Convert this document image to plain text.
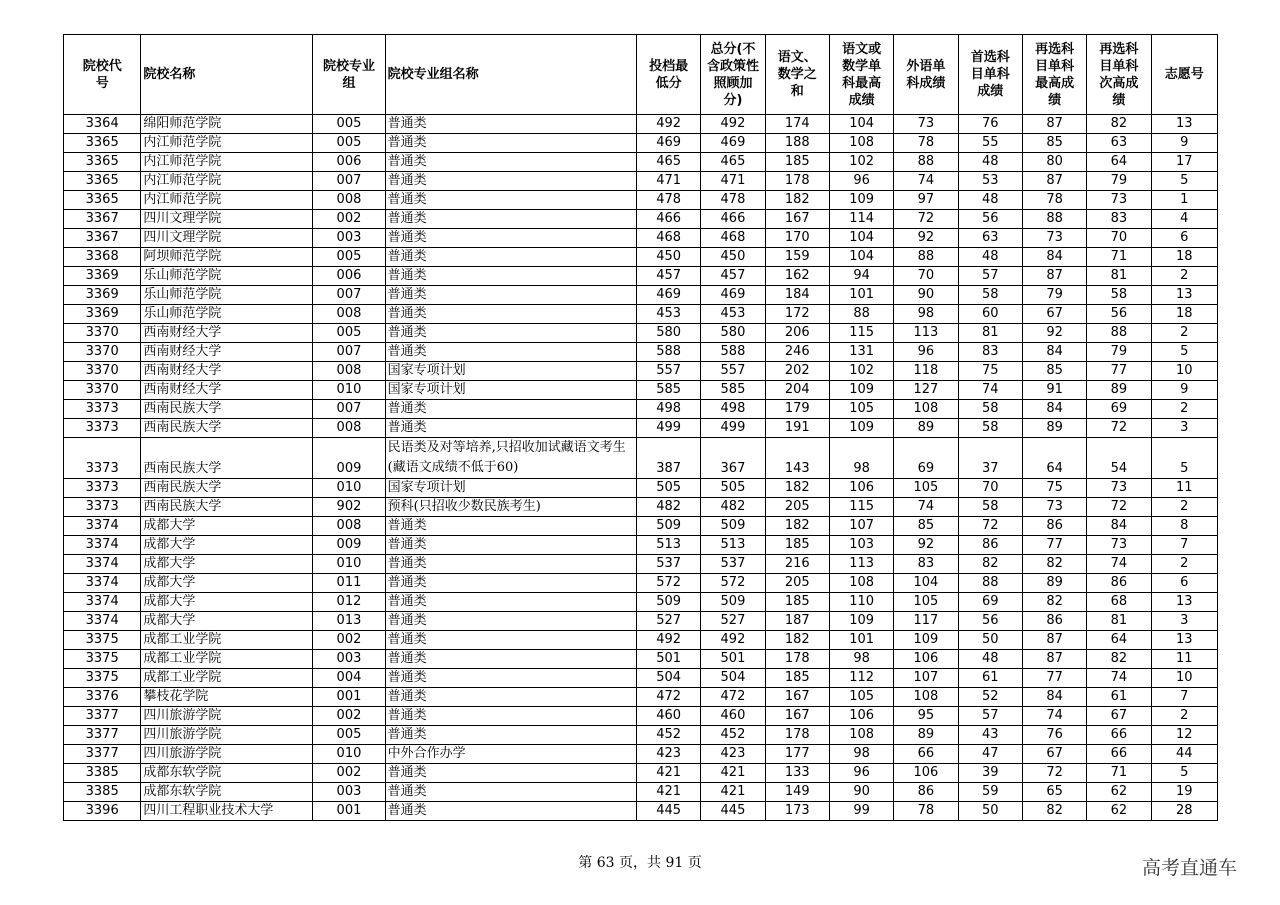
院校代号	院校名称	院校专业组	院校专业组名称	投档最低分	总分(不含政策性照顾加分)	语文、数学之和	语文或数学单科最高成绩	外语单科成绩	首选科目单科成绩	再选科目单科最高成绩	再选科目单科次高成绩	志愿号
3364	绵阳师范学院	005	普通类	492	492	174	104	73	76	87	82	13
3365	内江师范学院	005	普通类	469	469	188	108	78	55	85	63	9
3365	内江师范学院	006	普通类	465	465	185	102	88	48	80	64	17
3365	内江师范学院	007	普通类	471	471	178	96	74	53	87	79	5
3365	内江师范学院	008	普通类	478	478	182	109	97	48	78	73	1
3367	四川文理学院	002	普通类	466	466	167	114	72	56	88	83	4
3367	四川文理学院	003	普通类	468	468	170	104	92	63	73	70	6
3368	阿坝师范学院	005	普通类	450	450	159	104	88	48	84	71	18
3369	乐山师范学院	006	普通类	457	457	162	94	70	57	87	81	2
3369	乐山师范学院	007	普通类	469	469	184	101	90	58	79	58	13
3369	乐山师范学院	008	普通类	453	453	172	88	98	60	67	56	18
3370	西南财经大学	005	普通类	580	580	206	115	113	81	92	88	2
3370	西南财经大学	007	普通类	588	588	246	131	96	83	84	79	5
3370	西南财经大学	008	国家专项计划	557	557	202	102	118	75	85	77	10
3370	西南财经大学	010	国家专项计划	585	585	204	109	127	74	91	89	9
3373	西南民族大学	007	普通类	498	498	179	105	108	58	84	69	2
3373	西南民族大学	008	普通类	499	499	191	109	89	58	89	72	3
3373	西南民族大学	009	民语类及对等培养,只招收加试藏语文考生(藏语文成绩不低于60)	387	367	143	98	69	37	64	54	5
3373	西南民族大学	010	国家专项计划	505	505	182	106	105	70	75	73	11
3373	西南民族大学	902	预科(只招收少数民族考生)	482	482	205	115	74	58	73	72	2
3374	成都大学	008	普通类	509	509	182	107	85	72	86	84	8
3374	成都大学	009	普通类	513	513	185	103	92	86	77	73	7
3374	成都大学	010	普通类	537	537	216	113	83	82	82	74	2
3374	成都大学	011	普通类	572	572	205	108	104	88	89	86	6
3374	成都大学	012	普通类	509	509	185	110	105	69	82	68	13
3374	成都大学	013	普通类	527	527	187	109	117	56	86	81	3
3375	成都工业学院	002	普通类	492	492	182	101	109	50	87	64	13
3375	成都工业学院	003	普通类	501	501	178	98	106	48	87	82	11
3375	成都工业学院	004	普通类	504	504	185	112	107	61	77	74	10
3376	攀枝花学院	001	普通类	472	472	167	105	108	52	84	61	7
3377	四川旅游学院	002	普通类	460	460	167	106	95	57	74	67	2
3377	四川旅游学院	005	普通类	452	452	178	108	89	43	76	66	12
3377	四川旅游学院	010	中外合作办学	423	423	177	98	66	47	67	66	44
3385	成都东软学院	002	普通类	421	421	133	96	106	39	72	71	5
3385	成都东软学院	003	普通类	421	421	149	90	86	59	65	62	19
3396	四川工程职业技术大学	001	普通类	445	445	173	99	78	50	82	62	28
第 63 页，共 91 页	高考直通车
